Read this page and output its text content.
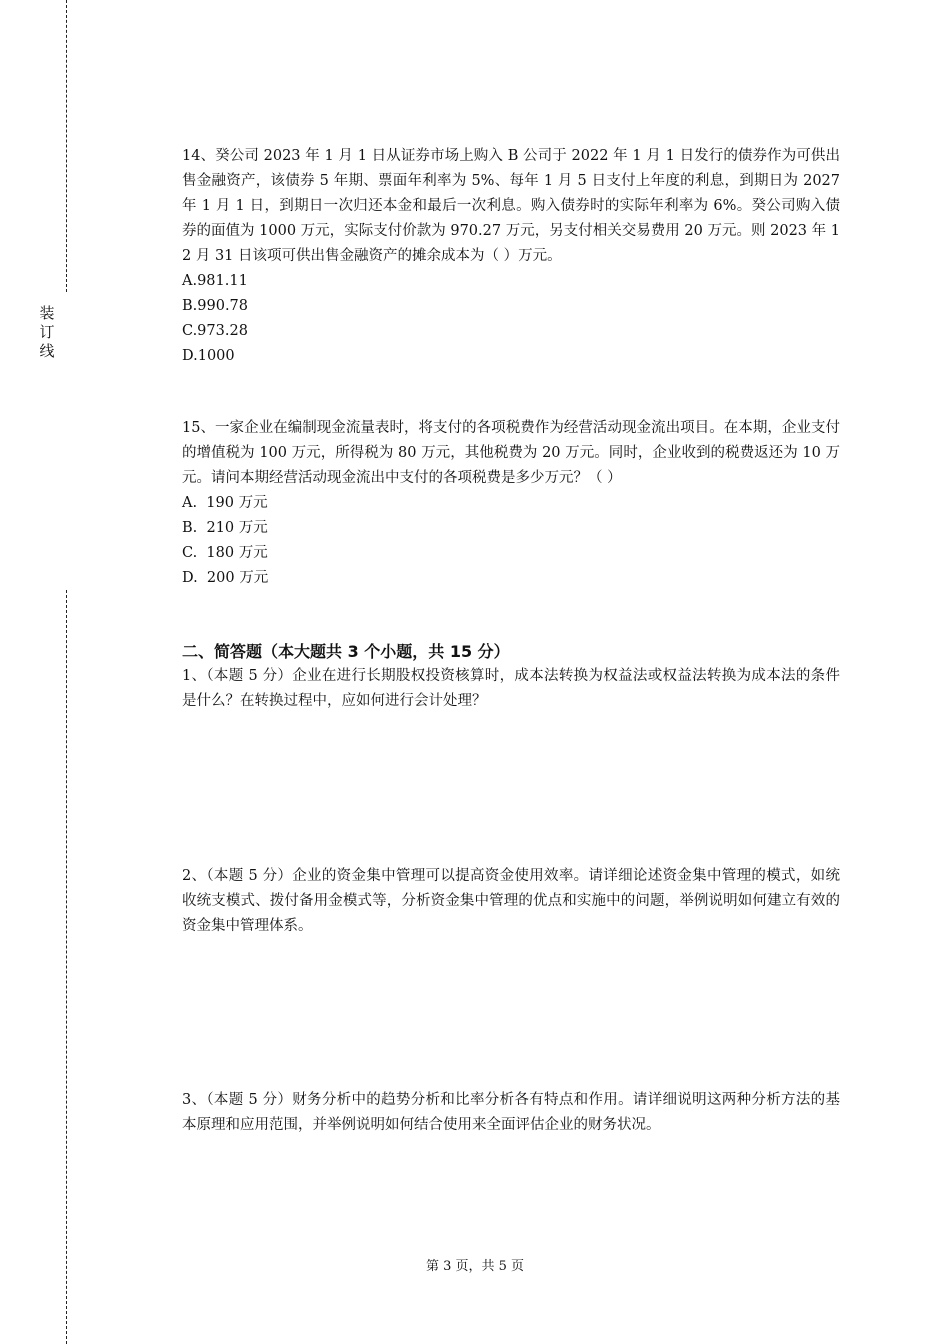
装
订
线

14、癸公司 2023 年 1 月 1 日从证券市场上购入 B 公司于 2022 年 1 月 1 日发行的债券作为可供出售金融资产，该债券 5 年期、票面年利率为 5%、每年 1 月 5 日支付上年度的利息，到期日为 2027 年 1 月 1 日，到期日一次归还本金和最后一次利息。购入债券时的实际年利率为 6%。癸公司购入债券的面值为 1000 万元，实际支付价款为 970.27 万元，另支付相关交易费用 20 万元。则 2023 年 12 月 31 日该项可供出售金融资产的摊余成本为（ ）万元。

A.981.11

B.990.78

C.973.28

D.1000

15、一家企业在编制现金流量表时，将支付的各项税费作为经营活动现金流出项目。在本期，企业支付的增值税为 100 万元，所得税为 80 万元，其他税费为 20 万元。同时，企业收到的税费返还为 10 万元。请问本期经营活动现金流出中支付的各项税费是多少万元？（ ）

A.  190 万元

B.  210 万元

C.  180 万元

D.  200 万元

二、简答题（本大题共 3 个小题，共 15 分）

1、（本题 5 分）企业在进行长期股权投资核算时，成本法转换为权益法或权益法转换为成本法的条件是什么？在转换过程中，应如何进行会计处理？

2、（本题 5 分）企业的资金集中管理可以提高资金使用效率。请详细论述资金集中管理的模式，如统收统支模式、拨付备用金模式等，分析资金集中管理的优点和实施中的问题，举例说明如何建立有效的资金集中管理体系。

3、（本题 5 分）财务分析中的趋势分析和比率分析各有特点和作用。请详细说明这两种分析方法的基本原理和应用范围，并举例说明如何结合使用来全面评估企业的财务状况。

第 3 页，共 5 页
